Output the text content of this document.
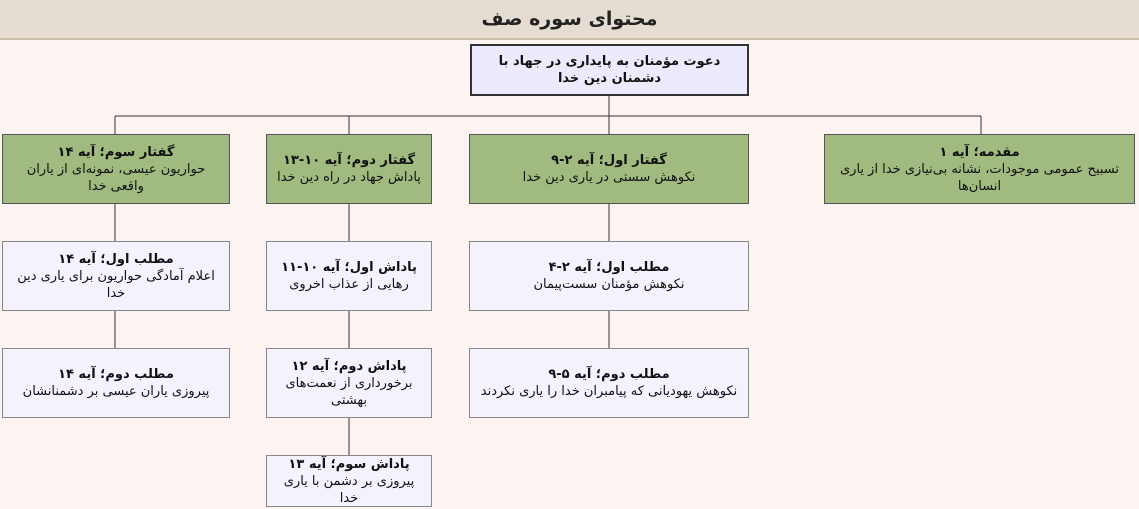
محتوای سوره صف
دعوت مؤمنان به پایداری در جهاد با دشمنان دین خدا
مقدمه؛ آیه ۱
تسبیح عمومی موجودات، نشانه بی‌نیازی خدا از یاری انسان‌ها
گفتار اول؛ آیه ۲-۹
نکوهش سستی در یاری دین خدا
گفتار دوم؛ آیه ۱۰-۱۳
پاداش جهاد در راه دین خدا
گفتار سوم؛ آیه ۱۴
حواریون عیسی، نمونه‌ای از یاران واقعی خدا
مطلب اول؛ آیه ۲-۴
نکوهش مؤمنان سست‌پیمان
مطلب دوم؛ آیه ۵-۹
نکوهش یهودیانی که پیامبران خدا را یاری نکردند
پاداش اول؛ آیه ۱۰-۱۱
رهایی از عذاب اخروی
پاداش دوم؛ آیه ۱۲
برخورداری از نعمت‌های بهشتی
پاداش سوم؛ آیه ۱۳
پیروزی بر دشمن با یاری خدا
مطلب اول؛ آیه ۱۴
اعلام آمادگی حواریون برای یاری دین خدا
مطلب دوم؛ آیه ۱۴
پیروزی یاران عیسی بر دشمنانشان
